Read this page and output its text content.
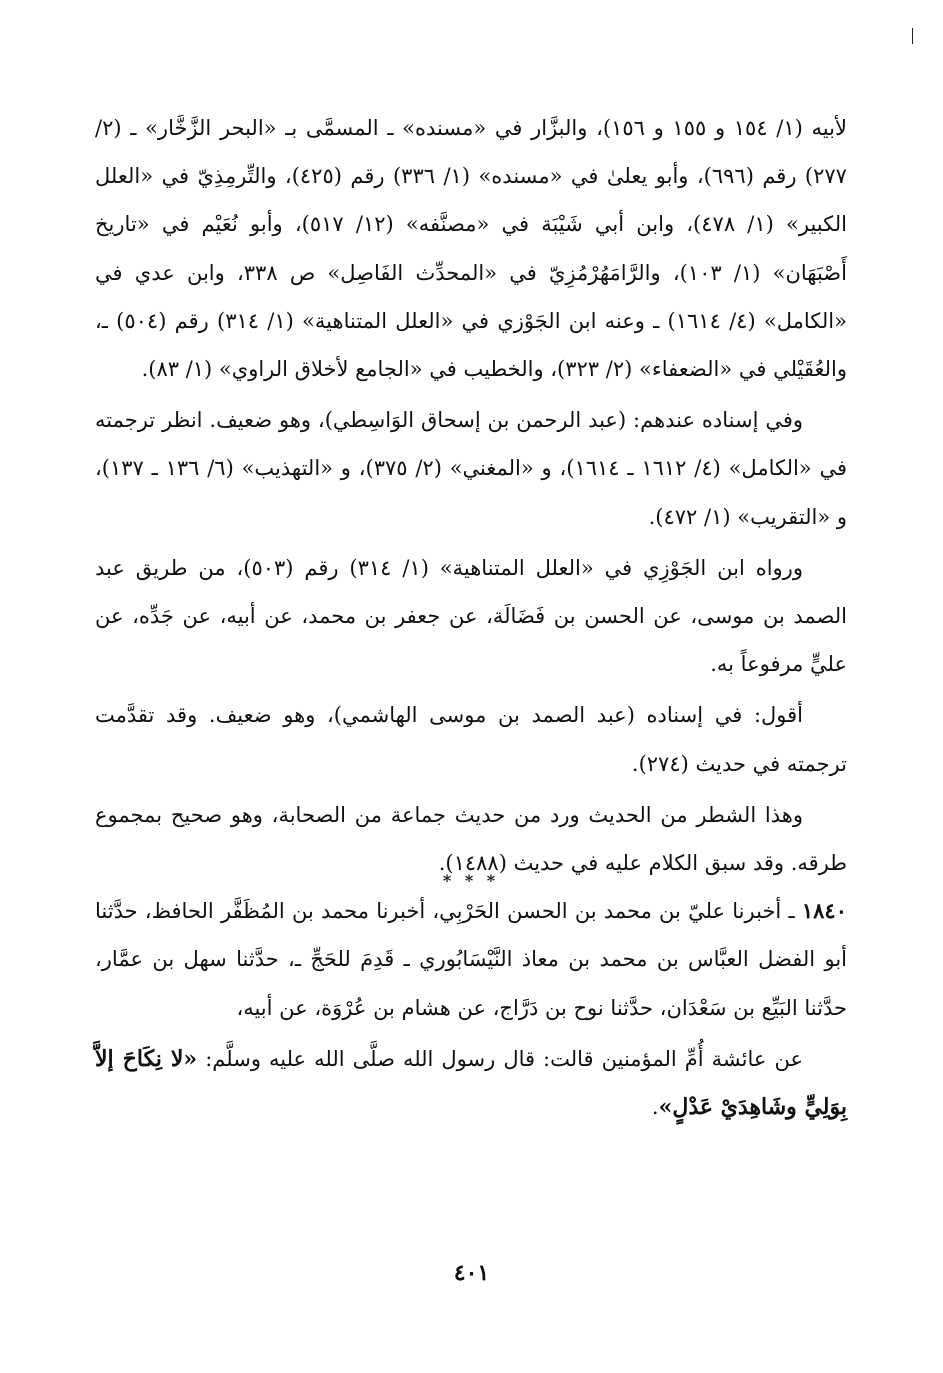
لأبيه (١/ ١٥٤ و ١٥٥ و ١٥٦)، والبزَّار في «مسنده» ـ المسمَّى بـ «البحر الزَّخَّار» ـ (٢/ ٢٧٧) رقم (٦٩٦)، وأبو يعلىٰ في «مسنده» (١/ ٣٣٦) رقم (٤٢٥)، والتِّرمِذِيّ في «العلل الكبير» (١/ ٤٧٨)، وابن أبي شَيْبَة في «مصنَّفه» (١٢/ ٥١٧)، وأبو نُعَيْم في «تاريخ أَصْبَهَان» (١/ ١٠٣)، والرَّامَهُرْمُزِيّ في «المحدِّث الفَاصِل» ص ٣٣٨، وابن عدي في «الكامل» (٤/ ١٦١٤) ـ وعنه ابن الجَوْزي في «العلل المتناهية» (١/ ٣١٤) رقم (٥٠٤) ـ، والعُقَيْلي في «الضعفاء» (٢/ ٣٢٣)، والخطيب في «الجامع لأخلاق الراوي» (١/ ٨٣).

وفي إسناده عندهم: (عبد الرحمن بن إسحاق الوَاسِطي)، وهو ضعيف. انظر ترجمته في «الكامل» (٤/ ١٦١٢ ـ ١٦١٤)، و «المغني» (٢/ ٣٧٥)، و «التهذيب» (٦/ ١٣٦ ـ ١٣٧)، و «التقريب» (١/ ٤٧٢).

ورواه ابن الجَوْزِي في «العلل المتناهية» (١/ ٣١٤) رقم (٥٠٣)، من طريق عبد الصمد بن موسى، عن الحسن بن فَضَالَة، عن جعفر بن محمد، عن أبيه، عن جَدِّه، عن عليٍّ مرفوعاً به.

أقول: في إسناده (عبد الصمد بن موسى الهاشمي)، وهو ضعيف. وقد تقدَّمت ترجمته في حديث (٢٧٤).

وهذا الشطر من الحديث ورد من حديث جماعة من الصحابة، وهو صحيح بمجموع طرقه. وقد سبق الكلام عليه في حديث (١٤٨٨).

* * *

١٨٤٠ ـ أخبرنا عليّ بن محمد بن الحسن الحَرْبِي، أخبرنا محمد بن المُظَفَّر الحافظ، حدَّثنا أبو الفضل العبَّاس بن محمد بن معاذ النَّيْسَابُوري ـ قَدِمَ للحَجِّ ـ، حدَّثنا سهل بن عمَّار، حدَّثنا البَيِّع بن سَعْدَان، حدَّثنا نوح بن دَرَّاج، عن هشام بن عُرْوَة، عن أبيه،

عن عائشة أُمِّ المؤمنين قالت: قال رسول الله صلَّى الله عليه وسلَّم: «لا نِكَاحَ إلاَّ بِوَلِيٍّ وشَاهِدَيْ عَدْلٍ».

٤٠١
